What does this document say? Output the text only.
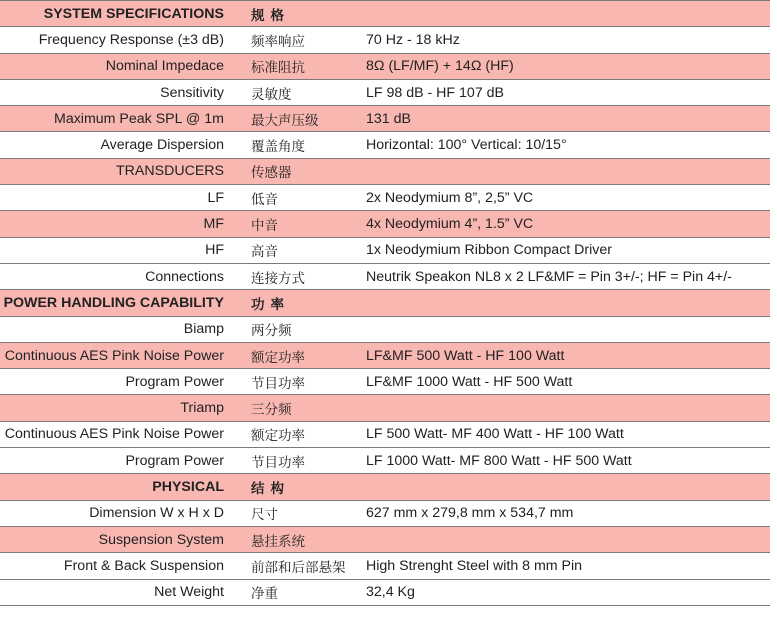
SYSTEM SPECIFICATIONS	规格
Frequency Response (±3 dB)	频率响应	70 Hz - 18 kHz
Nominal Impedace	标准阻抗	8Ω (LF/MF) + 14Ω (HF)
Sensitivity	灵敏度	LF 98 dB - HF 107 dB
Maximum Peak SPL @ 1m	最大声压级	131 dB
Average Dispersion	覆盖角度	Horizontal: 100° Vertical: 10/15°
TRANSDUCERS	传感器
LF	低音	2x Neodymium 8”, 2,5” VC
MF	中音	4x Neodymium 4”, 1.5” VC
HF	高音	1x Neodymium Ribbon Compact Driver
Connections	连接方式	Neutrik Speakon NL8 x 2 LF&MF = Pin 3+/-; HF = Pin 4+/-
POWER HANDLING CAPABILITY	功率
Biamp	两分频
Continuous AES Pink Noise Power	额定功率	LF&MF 500 Watt - HF 100 Watt
Program Power	节目功率	LF&MF 1000 Watt - HF 500 Watt
Triamp	三分频
Continuous AES Pink Noise Power	额定功率	LF 500 Watt- MF 400 Watt - HF 100 Watt
Program Power	节目功率	LF 1000 Watt- MF 800 Watt - HF 500 Watt
PHYSICAL	结构
Dimension W x H x D	尺寸	627 mm x 279,8 mm x 534,7 mm
Suspension System	悬挂系统
Front & Back Suspension	前部和后部悬架	High Strenght Steel with 8 mm Pin
Net Weight	净重	32,4 Kg
